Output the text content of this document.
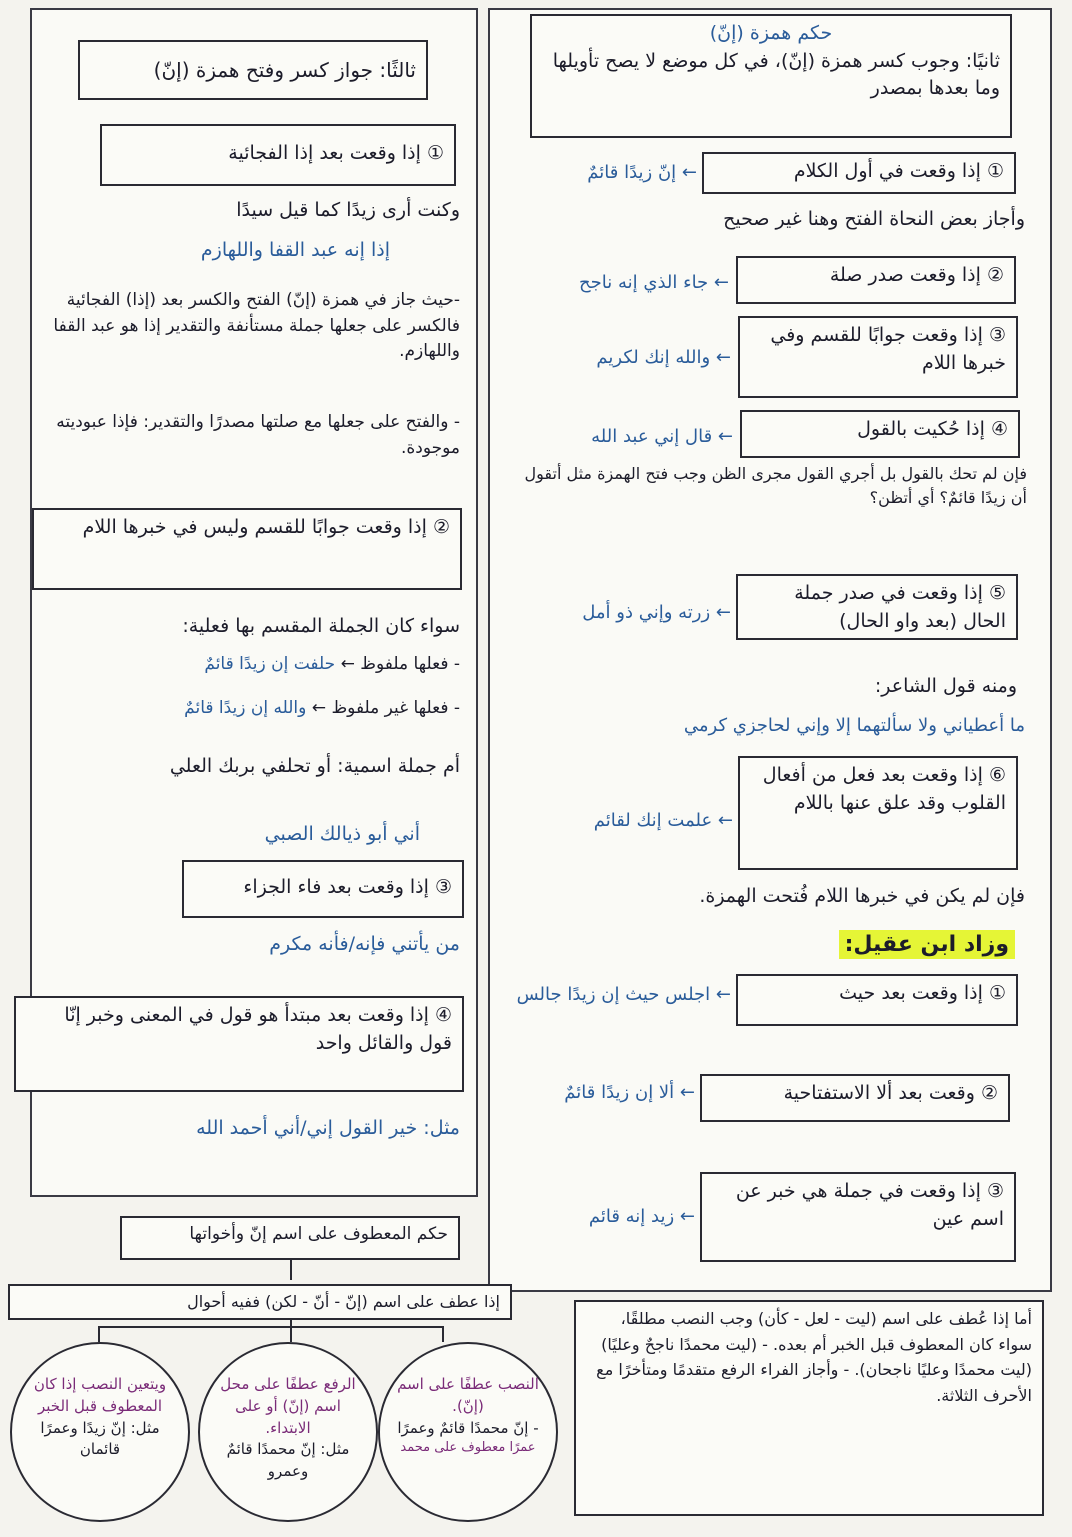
حكم همزة (إنّ)
ثانيًا: وجوب كسر همزة (إنّ)، في كل موضع لا يصح تأويلها وما بعدها بمصدر
① إذا وقعت في أول الكلام
← إنّ زيدًا قائمٌ
وأجاز بعض النحاة الفتح وهنا غير صحيح
② إذا وقعت صدر صلة
← جاء الذي إنه ناجح
③ إذا وقعت جوابًا للقسم وفي خبرها اللام
← والله إنك لكريم
④ إذا حُكيت بالقول
← قال إني عبد الله
فإن لم تحك بالقول بل أجري القول مجرى الظن وجب فتح الهمزة مثل أتقول أن زيدًا قائمٌ؟ أي أتظن؟
⑤ إذا وقعت في صدر جملة الحال (بعد واو الحال)
← زرته وإني ذو أمل
ومنه قول الشاعر:
ما أعطياني ولا سألتهما إلا وإني لحاجزي كرمي
⑥ إذا وقعت بعد فعل من أفعال القلوب وقد علق عنها باللام
← علمت إنك لقائم
فإن لم يكن في خبرها اللام فُتحت الهمزة.
وزاد ابن عقيل:
① إذا وقعت بعد حيث
← اجلس حيث إن زيدًا جالس
② وقعت بعد ألا الاستفتاحية
← ألا إن زيدًا قائمٌ
③ إذا وقعت في جملة هي خبر عن اسم عين
← زيد إنه قائم
ثالثًا: جواز كسر وفتح همزة (إنّ)
① إذا وقعت بعد إذا الفجائية
وكنت أرى زيدًا كما قيل سيدًا
إذا إنه عبد القفا واللهازم
-حيث جاز في همزة (إنّ) الفتح والكسر بعد (إذا) الفجائية فالكسر على جعلها جملة مستأنفة والتقدير إذا هو عبد القفا واللهازم.
- والفتح على جعلها مع صلتها مصدرًا والتقدير: فإذا عبوديته موجودة.
② إذا وقعت جوابًا للقسم وليس في خبرها اللام
سواء كان الجملة المقسم بها فعلية:
- فعلها ملفوظ ← حلفت إن زيدًا قائمٌ
- فعلها غير ملفوظ ← والله إن زيدًا قائمٌ
أم جملة اسمية: أو تحلفي بربك العلي
أني أبو ذيالك الصبي
③ إذا وقعت بعد فاء الجزاء
من يأتني فإنه/فأنه مكرم
④ إذا وقعت بعد مبتدأ هو قول في المعنى وخبر إنّا قول والقائل واحد
مثل: خير القول إني/أني أحمد الله
حكم المعطوف على اسم إنّ وأخواتها
إذا عطف على اسم (إنّ - أنّ - لكن) ففيه أحوال
النصب عطفًا على اسم (إنّ).
- إنّ محمدًا قائمٌ وعمرًا
عمرًا معطوف على محمد
الرفع عطفًا على محل اسم (إنّ) أو على الابتداء.
مثل: إنّ محمدًا قائمٌ وعمرو
ويتعين النصب إذا كان المعطوف قبل الخبر
مثل: إنّ زيدًا وعمرًا قائمان
أما إذا عُطف على اسم (ليت - لعل - كأن) وجب النصب مطلقًا، سواء كان المعطوف قبل الخبر أم بعده. - (ليت محمدًا ناجحٌ وعليًا) (ليت محمدًا وعليًا ناجحان). - وأجاز الفراء الرفع متقدمًا ومتأخرًا مع الأحرف الثلاثة.
